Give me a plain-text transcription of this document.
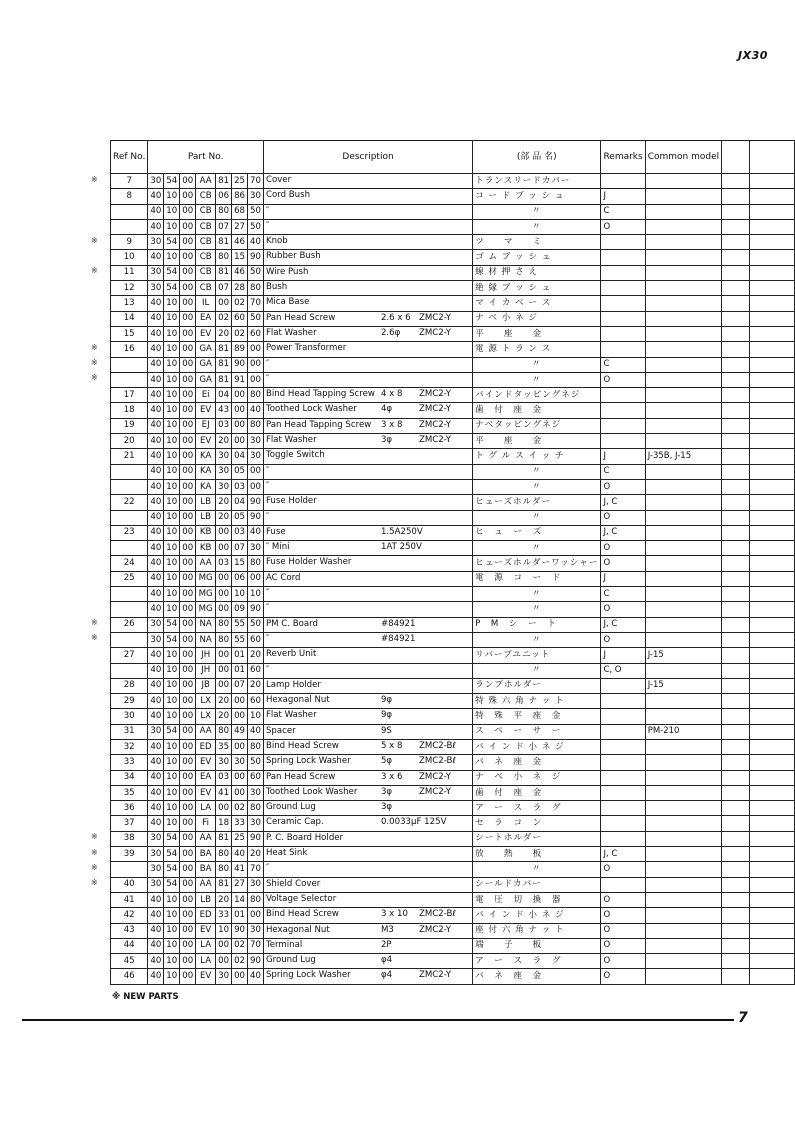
JX30
Ref No.	Part No.							Description	(部 品 名)	Remarks	Common model		
7	30	54	00	AA	81	25	70	Cover	トランスリードカバー				
8	40	10	00	CB	06	86	30	Cord Bush	コ ー ド ブ ッ シ ュ	J			
	40	10	00	CB	80	68	50	″	〃	C			
	40	10	00	CB	07	27	50	″	〃	O			
9	30	54	00	CB	81	46	40	Knob	ツ　　マ　　ミ				
10	40	10	00	CB	80	15	90	Rubber Bush	ゴ ム ブ ッ シ ュ				
11	30	54	00	CB	81	46	50	Wire Push	線 材 押 さ え				
12	30	54	00	CB	07	28	80	Bush	絶 縁 ブ ッ シ ュ				
13	40	10	00	IL	00	02	70	Mica Base	マ イ カ ベ ー ス				
14	40	10	00	EA	02	60	50	Pan Head Screw 2.6 x 6 ZMC2-Y	ナ ベ 小 ネ ジ				
15	40	10	00	EV	20	02	60	Flat Washer 2.6φ ZMC2-Y	平　　座　　金				
16	40	10	00	GA	81	89	00	Power Transformer	電 源 ト ラ ン ス				
	40	10	00	GA	81	90	00	″	〃	C			
	40	10	00	GA	81	91	00	″	〃	O			
17	40	10	00	Ei	04	00	80	Bind Head Tapping Screw 4 x 8 ZMC2-Y	バインドタッピングネジ				
18	40	10	00	EV	43	00	40	Toothed Lock Washer 4φ ZMC2-Y	歯　付　座　金				
19	40	10	00	EJ	03	00	80	Pan Head Tapping Screw 3 x 8 ZMC2-Y	ナベタッピングネジ				
20	40	10	00	EV	20	00	30	Flat Washer 3φ ZMC2-Y	平　　座　　金				
21	40	10	00	KA	30	04	30	Toggle Switch	ト グ ル ス イ ッ チ	J	J-35B, J-15		
	40	10	00	KA	30	05	00	″	〃	C			
	40	10	00	KA	30	03	00	″	〃	O			
22	40	10	00	LB	20	04	90	Fuse Holder	ヒューズホルダー	J, C			
	40	10	00	LB	20	05	90	″	〃	O			
23	40	10	00	KB	00	03	40	Fuse 1.5A250V	ヒ　ュ　ー　ズ	J, C			
	40	10	00	KB	00	07	30	″ Mini 1AT 250V	〃	O			
24	40	10	00	AA	03	15	80	Fuse Holder Washer	ヒューズホルダーワッシャー	O			
25	40	10	00	MG	00	06	00	AC Cord	電　源　コ　ー　ド	J			
	40	10	00	MG	00	10	10	″	〃	C			
	40	10	00	MG	00	09	90	″	〃	O			
26	30	54	00	NA	80	55	50	PM C. Board #84921	P　M　シ　ー　ト	J, C			
	30	54	00	NA	80	55	60	″ #84921	〃	O			
27	40	10	00	JH	00	01	20	Reverb Unit	リバーブユニット	J	J-15		
	40	10	00	JH	00	01	60	″	〃	C, O			
28	40	10	00	JB	00	07	20	Lamp Holder	ランプホルダー		J-15		
29	40	10	00	LX	20	00	60	Hexagonal Nut 9φ	特 殊 六 角 ナ ッ ト				
30	40	10	00	LX	20	00	10	Flat Washer 9φ	特　殊　平　座　金				
31	30	54	00	AA	80	49	40	Spacer 9S	ス　ペ　ー　サ　ー		PM-210		
32	40	10	00	ED	35	00	80	Bind Head Screw 5 x 8 ZMC2-Bℓ	バ イ ン ド 小 ネ ジ				
33	40	10	00	EV	30	30	50	Spring Lock Washer 5φ ZMC2-Bℓ	バ　ネ　座　金				
34	40	10	00	EA	03	00	60	Pan Head Screw 3 x 6 ZMC2-Y	ナ　ベ　小　ネ　ジ				
35	40	10	00	EV	41	00	30	Toothed Look Washer 3φ ZMC2-Y	歯　付　座　金				
36	40	10	00	LA	00	02	80	Ground Lug 3φ	ア　ー　ス　ラ　グ				
37	40	10	00	Fi	18	33	30	Ceramic Cap. 0.0033μF 125V	セ　ラ　コ　ン				
38	30	54	00	AA	81	25	90	P. C. Board Holder	シートホルダー				
39	30	54	00	BA	80	40	20	Heat Sink	放　　熱　　板	J, C			
	30	54	00	BA	80	41	70	″	〃	O			
40	30	54	00	AA	81	27	30	Shield Cover	シールドカバー				
41	40	10	00	LB	20	14	80	Voltage Selector	電　圧　切　換　器	O			
42	40	10	00	ED	33	01	00	Bind Head Screw 3 x 10 ZMC2-Bℓ	バ イ ン ド 小 ネ ジ	O			
43	40	10	00	EV	10	90	30	Hexagonal Nut M3 ZMC2-Y	座 付 六 角 ナ ッ ト	O			
44	40	10	00	LA	00	02	70	Terminal 2P	端　　子　　板	O			
45	40	10	00	LA	00	02	90	Ground Lug φ4	ア　ー　ス　ラ　グ	O			
46	40	10	00	EV	30	00	40	Spring Lock Washer φ4 ZMC2-Y	バ　ネ　座　金	O			
※
※
※
※
※
※
※
※
※
※
※
※
※ NEW PARTS
7
